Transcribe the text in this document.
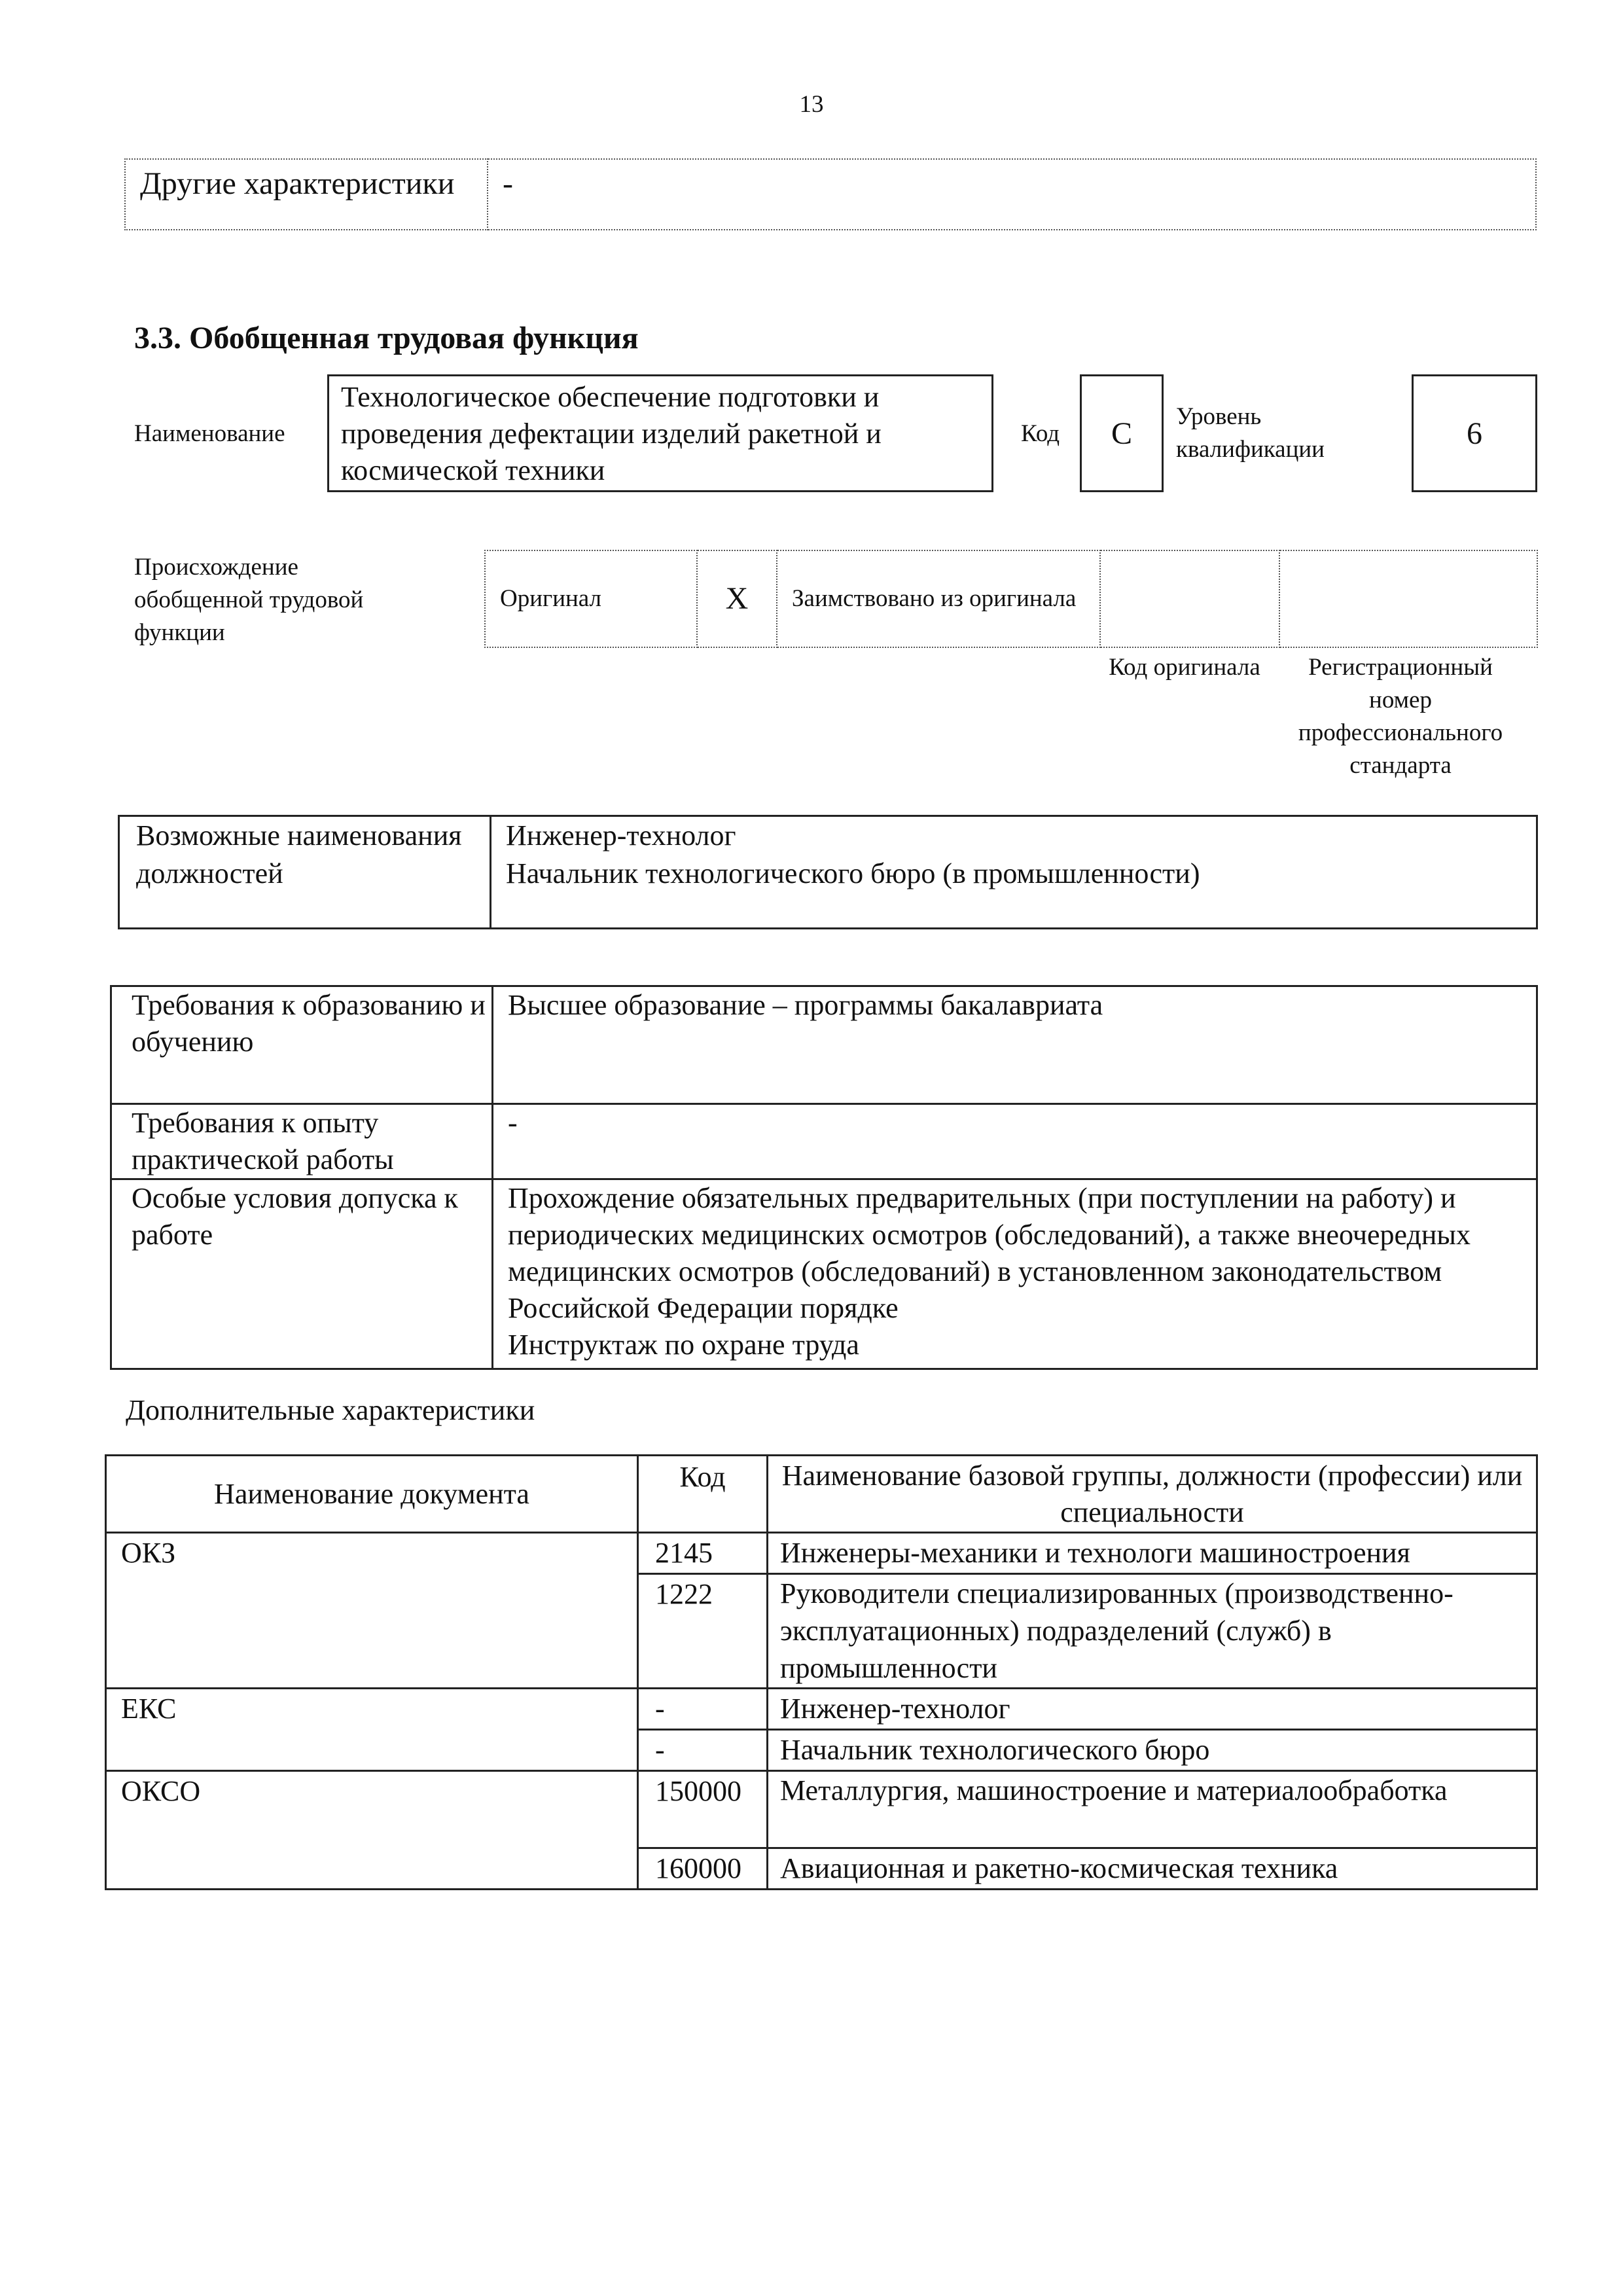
13
Другие характеристики	-
3.3. Обобщенная трудовая функция
Наименование
Технологическое обеспечение подготовки и проведения дефектации изделий ракетной и космической техники
Код	C	Уровень квалификации	6
Происхождение обобщенной трудовой функции
Оригинал	X	Заимствовано из оригинала		
Код оригинала	Регистрационный номер профессионального стандарта
Возможные наименования должностей	
Инженер-технолог
Начальник технологического бюро (в промышленности)
Требования к образованию и обучению	Высшее образование – программы бакалавриата
Требования к опыту практической работы	-
Особые условия допуска к работе	Прохождение обязательных предварительных (при поступлении на работу) и периодических медицинских осмотров (обследований), а также внеочередных медицинских осмотров (обследований) в установленном законодательством Российской Федерации порядке
Инструктаж по охране труда
Дополнительные характеристики
Наименование документа	Код	Наименование базовой группы, должности (профессии) или специальности
ОКЗ	2145	Инженеры-механики и технологи машиностроения
	1222	Руководители специализированных (производственно-эксплуатационных) подразделений (служб) в промышленности
ЕКС	-	Инженер-технолог
	-	Начальник технологического бюро
ОКСО	150000	Металлургия, машиностроение и материалообработка
	160000	Авиационная и ракетно-космическая техника
